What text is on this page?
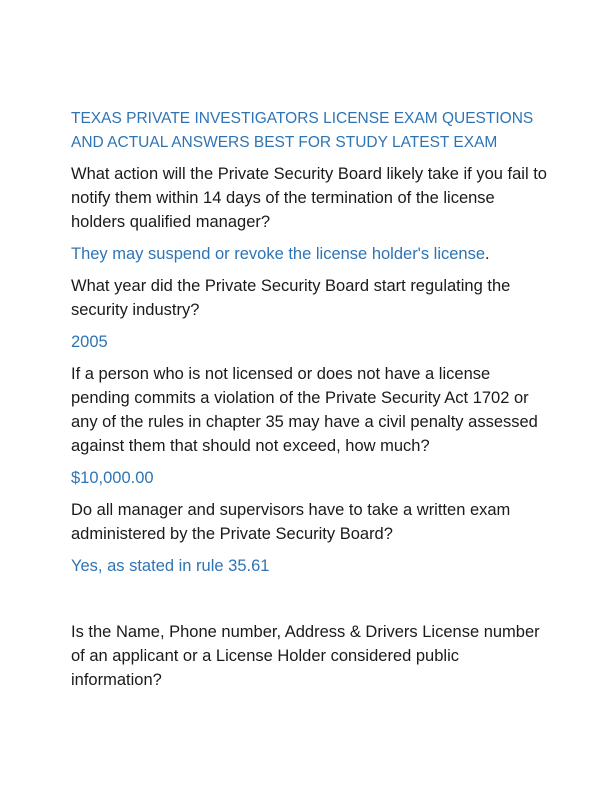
TEXAS PRIVATE INVESTIGATORS LICENSE EXAM QUESTIONS AND ACTUAL ANSWERS BEST FOR STUDY LATEST EXAM

What action will the Private Security Board likely take if you fail to notify them within 14 days of the termination of the license holders qualified manager?

They may suspend or revoke the license holder's license.

What year did the Private Security Board start regulating the security industry?

2005

If a person who is not licensed or does not have a license pending commits a violation of the Private Security Act 1702 or any of the rules in chapter 35 may have a civil penalty assessed against them that should not exceed, how much?

$10,000.00

Do all manager and supervisors have to take a written exam administered by the Private Security Board?

Yes, as stated in rule 35.61

Is the Name, Phone number, Address & Drivers License number of an applicant or a License Holder considered public information?
